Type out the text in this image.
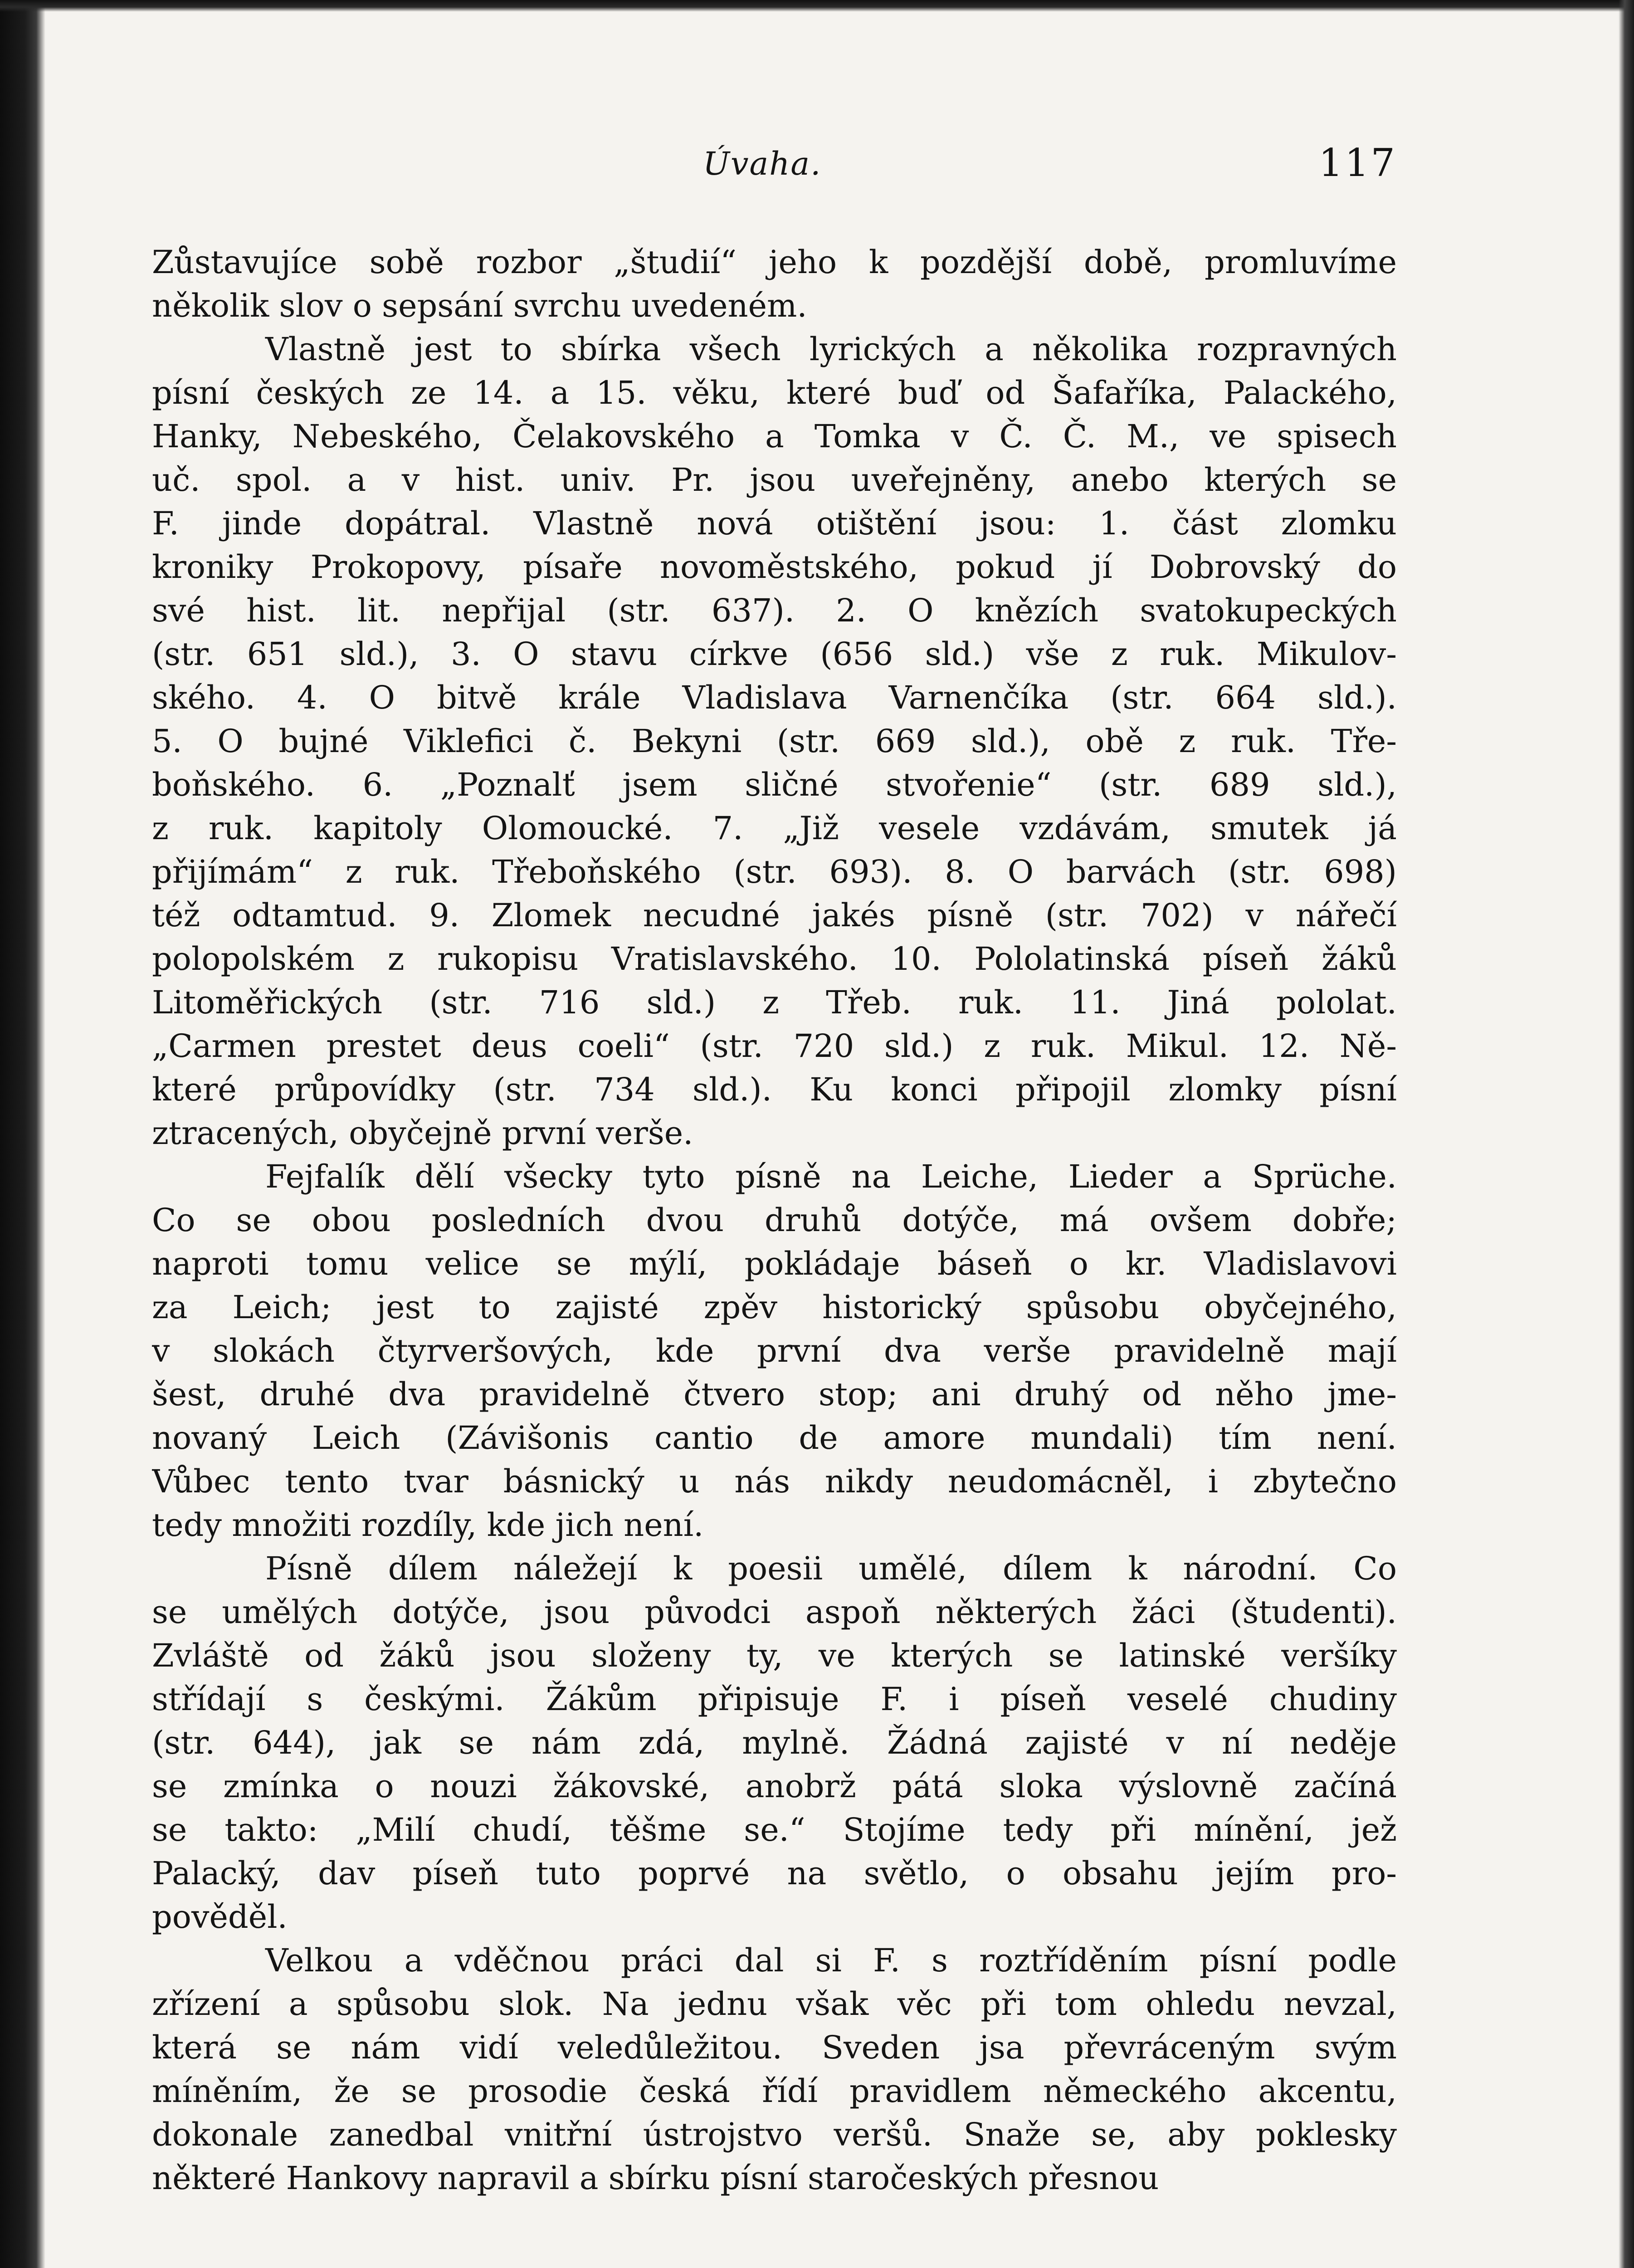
Úvaha.	117
Zůstavujíce sobě rozbor „študií“ jeho k pozdější době, promluvíme
několik slov o sepsání svrchu uvedeném.
Vlastně jest to sbírka všech lyrických a několika rozpravných
písní českých ze 14. a 15. věku, které buď od Šafaříka, Palackého,
Hanky, Nebeského, Čelakovského a Tomka v Č. Č. M., ve spisech
uč. spol. a v hist. univ. Pr. jsou uveřejněny, anebo kterých se
F. jinde dopátral. Vlastně nová otištění jsou: 1. část zlomku
kroniky Prokopovy, písaře novoměstského, pokud jí Dobrovský do
své hist. lit. nepřijal (str. 637). 2. O knězích svatokupeckých
(str. 651 sld.), 3. O stavu církve (656 sld.) vše z ruk. Mikulov-
ského. 4. O bitvě krále Vladislava Varnenčíka (str. 664 sld.).
5. O bujné Viklefici č. Bekyni (str. 669 sld.), obě z ruk. Tře-
boňského. 6. „Poznalť jsem sličné stvořenie“ (str. 689 sld.),
z ruk. kapitoly Olomoucké. 7. „Již vesele vzdávám, smutek já
přijímám“ z ruk. Třeboňského (str. 693). 8. O barvách (str. 698)
též odtamtud. 9. Zlomek necudné jakés písně (str. 702) v nářečí
polopolském z rukopisu Vratislavského. 10. Pololatinská píseň žáků
Litoměřických (str. 716 sld.) z Třeb. ruk. 11. Jiná pololat.
„Carmen prestet deus coeli“ (str. 720 sld.) z ruk. Mikul. 12. Ně-
které průpovídky (str. 734 sld.). Ku konci připojil zlomky písní
ztracených, obyčejně první verše.
Fejfalík dělí všecky tyto písně na Leiche, Lieder a Sprüche.
Co se obou posledních dvou druhů dotýče, má ovšem dobře;
naproti tomu velice se mýlí, pokládaje báseň o kr. Vladislavovi
za Leich; jest to zajisté zpěv historický spůsobu obyčejného,
v slokách čtyrveršových, kde první dva verše pravidelně mají
šest, druhé dva pravidelně čtvero stop; ani druhý od něho jme-
novaný Leich (Závišonis cantio de amore mundali) tím není.
Vůbec tento tvar básnický u nás nikdy neudomácněl, i zbytečno
tedy množiti rozdíly, kde jich není.
Písně dílem náležejí k poesii umělé, dílem k národní. Co
se umělých dotýče, jsou původci aspoň některých žáci (študenti).
Zvláště od žáků jsou složeny ty, ve kterých se latinské veršíky
střídají s českými. Žákům připisuje F. i píseň veselé chudiny
(str. 644), jak se nám zdá, mylně. Žádná zajisté v ní neděje
se zmínka o nouzi žákovské, anobrž pátá sloka výslovně začíná
se takto: „Milí chudí, těšme se.“ Stojíme tedy při mínění, jež
Palacký, dav píseň tuto poprvé na světlo, o obsahu jejím pro-
pověděl.
Velkou a vděčnou práci dal si F. s roztříděním písní podle
zřízení a spůsobu slok. Na jednu však věc při tom ohledu nevzal,
která se nám vidí veledůležitou. Sveden jsa převráceným svým
míněním, že se prosodie česká řídí pravidlem německého akcentu,
dokonale zanedbal vnitřní ústrojstvo veršů. Snaže se, aby poklesky
některé Hankovy napravil a sbírku písní staročeských přesnou
